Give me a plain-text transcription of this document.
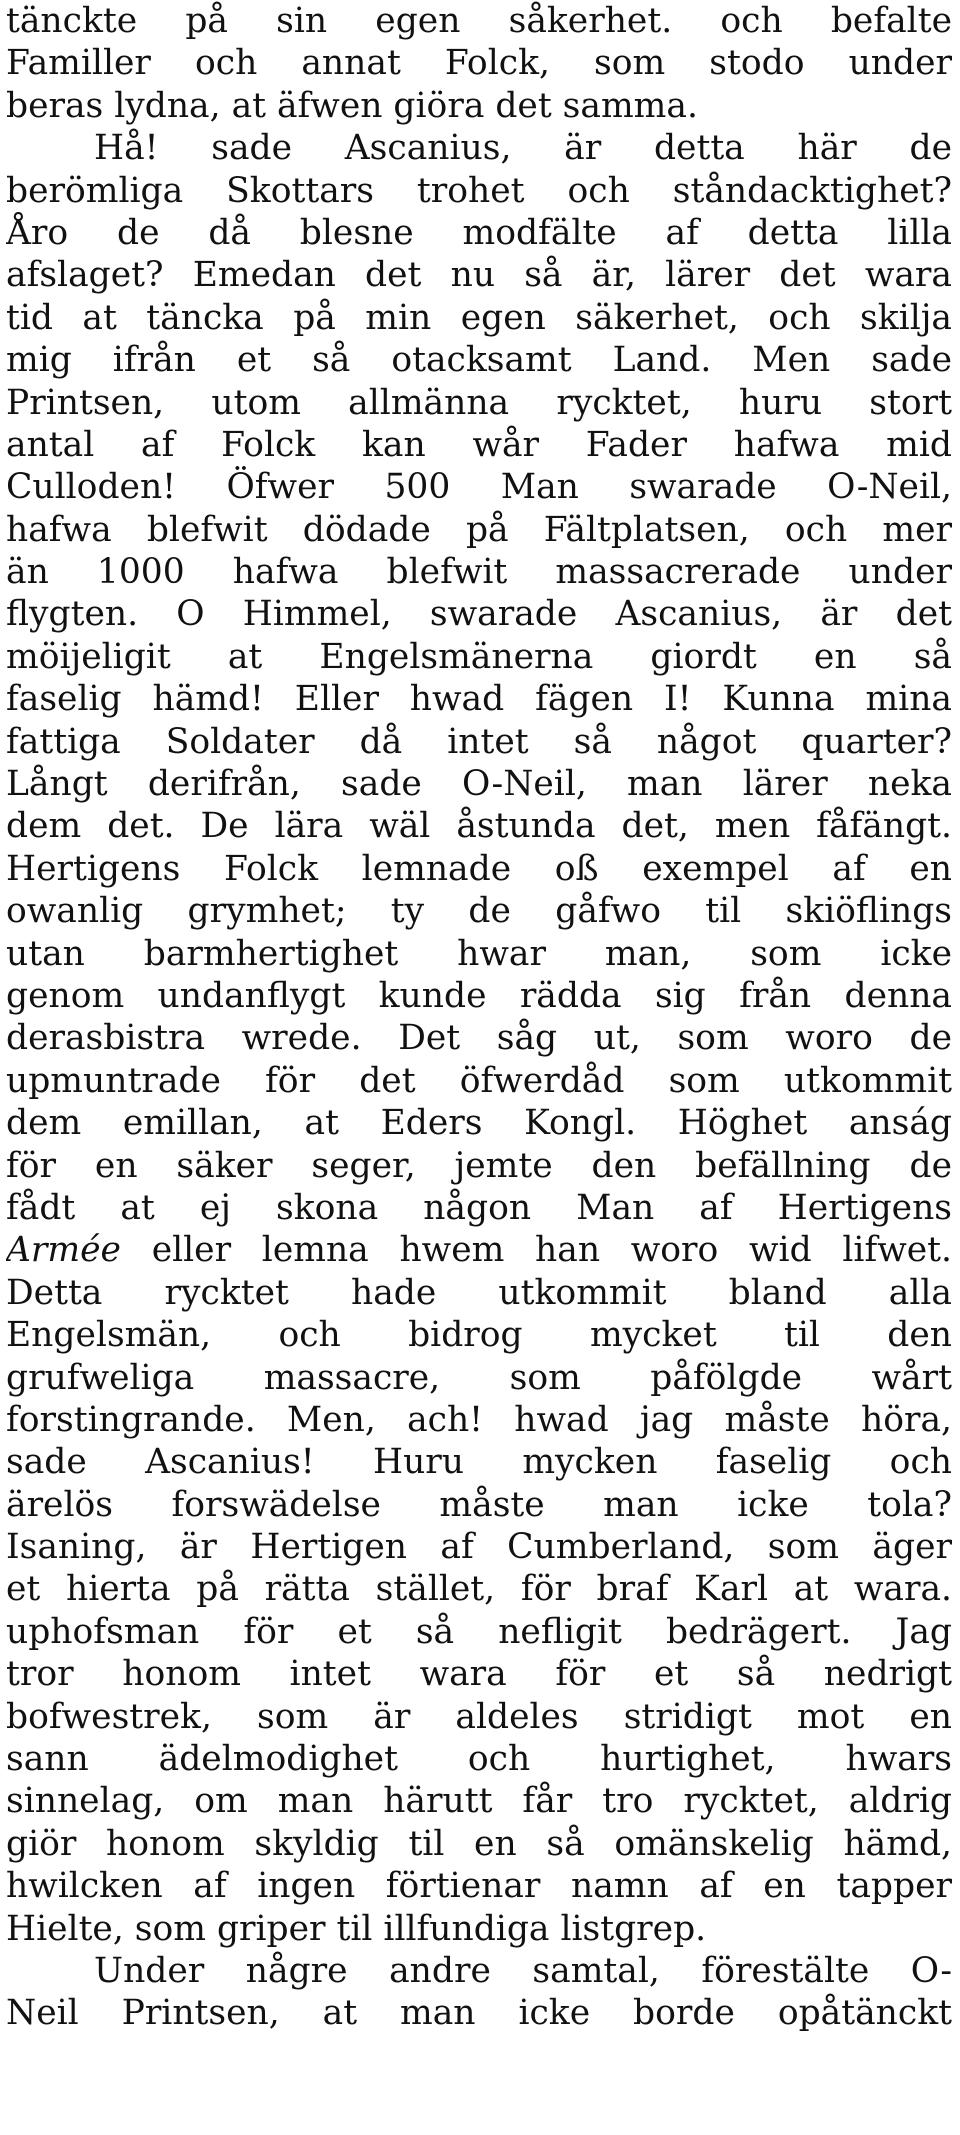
tänckte på sin egen såkerhet. och befalte
Familler och annat Folck, som stodo under
beras lydna, at äfwen giöra det samma.
Hå! sade Ascanius, är detta här de
berömliga Skottars trohet och ståndacktighet?
Åro de då blesne modfälte af detta lilla
afslaget? Emedan det nu så är, lärer det wara
tid at täncka på min egen säkerhet, och skilja
mig ifrån et så otacksamt Land. Men sade
Printsen, utom allmänna rycktet, huru stort
antal af Folck kan wår Fader hafwa mid
Culloden! Öfwer 500 Man swarade O-Neil,
hafwa blefwit dödade på Fältplatsen, och mer
än 1000 hafwa blefwit massacrerade under
flygten. O Himmel, swarade Ascanius, är det
möijeligit at Engelsmänerna giordt en så
faselig hämd! Eller hwad fägen I! Kunna mina
fattiga Soldater då intet så något quarter?
Långt derifrån, sade O-Neil, man lärer neka
dem det. De lära wäl åstunda det, men fåfängt.
Hertigens Folck lemnade oß exempel af en
owanlig grymhet; ty de gåfwo til skiöflings
utan barmhertighet hwar man, som icke
genom undanflygt kunde rädda sig från denna
derasbistra wrede. Det såg ut, som woro de
upmuntrade för det öfwerdåd som utkommit
dem emillan, at Eders Kongl. Höghet anság
för en säker seger, jemte den befällning de
fådt at ej skona någon Man af Hertigens
Armée eller lemna hwem han woro wid lifwet.
Detta rycktet hade utkommit bland alla
Engelsmän, och bidrog mycket til den
grufweliga massacre, som påfölgde wårt
forstingrande. Men, ach! hwad jag måste höra,
sade Ascanius! Huru mycken faselig och
ärelös forswädelse måste man icke tola?
Isaning, är Hertigen af Cumberland, som äger
et hierta på rätta stället, för braf Karl at wara.
uphofsman för et så nefligit bedrägert. Jag
tror honom intet wara för et så nedrigt
bofwestrek, som är aldeles stridigt mot en
sann ädelmodighet och hurtighet, hwars
sinnelag, om man härutt får tro rycktet, aldrig
giör honom skyldig til en så omänskelig hämd,
hwilcken af ingen förtienar namn af en tapper
Hielte, som griper til illfundiga listgrep.
Under någre andre samtal, förestälte O-
Neil Printsen, at man icke borde opåtänckt
